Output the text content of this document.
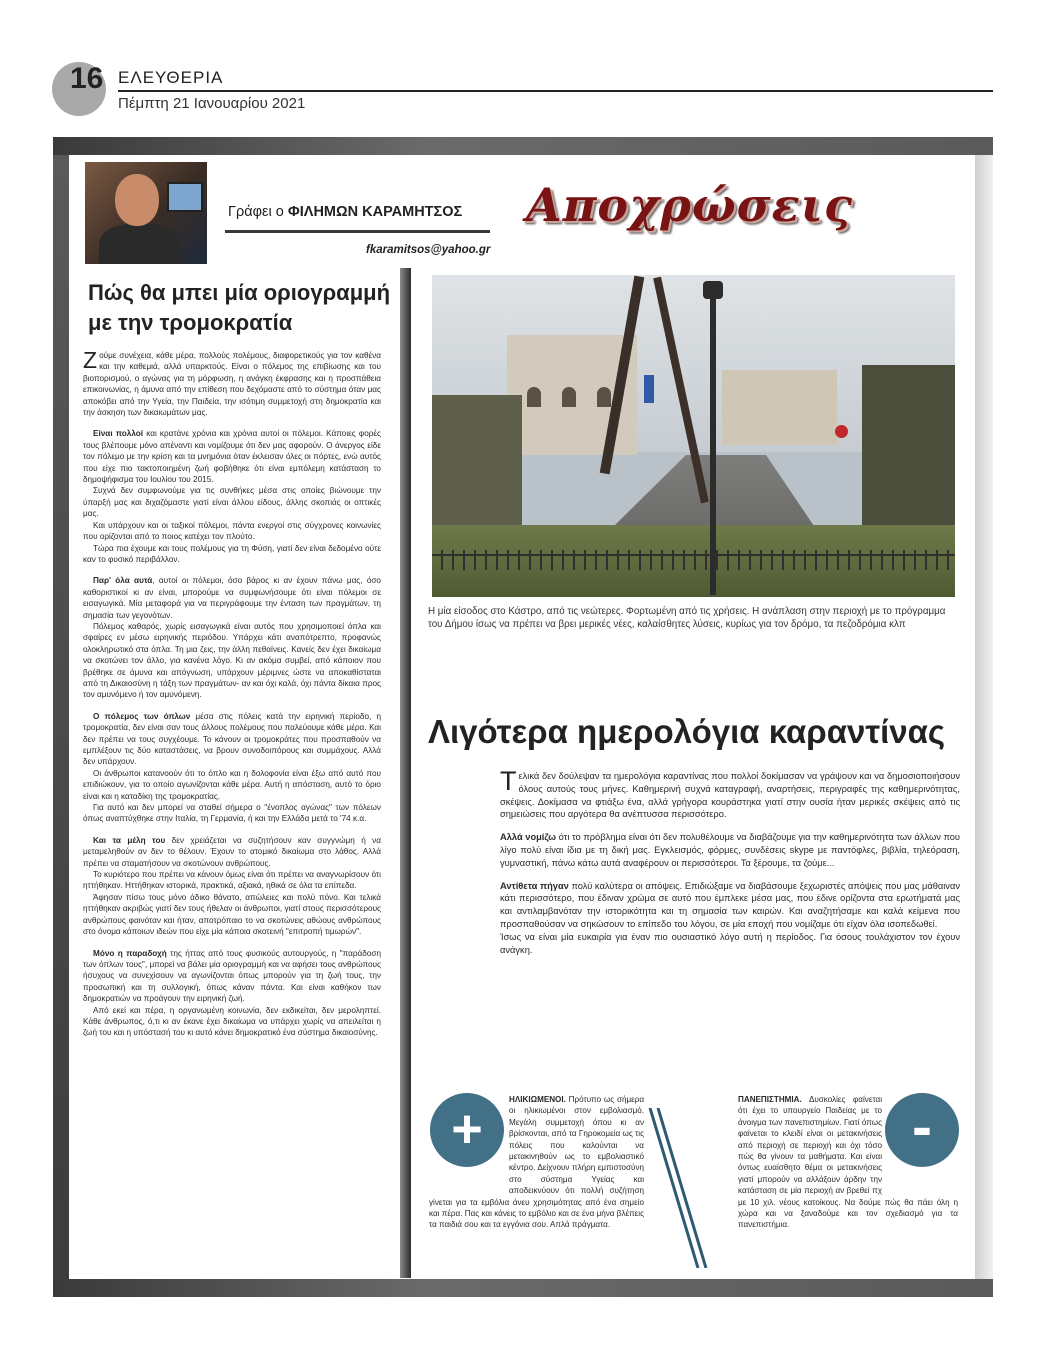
16 ΕΛΕΥΘΕΡΙΑ
Πέμπτη 21 Ιανουαρίου 2021
Γράφει ο ΦΙΛΗΜΩΝ ΚΑΡΑΜΗΤΣΟΣ
fkaramitsos@yahoo.gr
Αποχρώσεις
Πώς θα μπει μία οριογραμμή με την τρομοκρατία

Ζούμε συνέχεια, κάθε μέρα, πολλούς πολέμους, διαφορετικούς για τον καθένα και την καθεμιά, αλλά υπαρκτούς. Είναι ο πόλεμος της επιβίωσης και του βιοπορισμού, ο αγώνας για τη μόρφωση, η ανάγκη έκφρασης και η προσπάθεια επικοινωνίας, η άμυνα από την επίθεση που δεχόμαστε από το σύστημα όταν μας αποκόβει από την Υγεία, την Παιδεία, την ισότιμη συμμετοχή στη δημοκρατία και την άσκηση των δικαιωμάτων μας.

Είναι πολλοί και κρατάνε χρόνια και χρόνια αυτοί οι πόλεμοι. Κάποιες φορές τους βλέπουμε μόνο απέναντι και νομίζουμε ότι δεν μας αφορούν. Ο άνεργος είδε τον πόλεμο με την κρίση και τα μνημόνια όταν έκλεισαν όλες οι πόρτες, ενώ αυτός που είχε πιο τακτοποιημένη ζωή φοβήθηκε ότι είναι εμπόλεμη κατάσταση το δημοψήφισμα του Ιουλίου του 2015.

Συχνά δεν συμφωνούμε για τις συνθήκες μέσα στις οποίες βιώνουμε την ύπαρξή μας και διχαζόμαστε γιατί είναι άλλου είδους, άλλης σκοπιάς οι οπτικές μας.

Και υπάρχουν και οι ταξικοί πόλεμοι, πάντα ενεργοί στις σύγχρονες κοινωνίες που ορίζονται από το ποιος κατέχει τον πλούτο.

Τώρα πια έχουμε και τους πολέμους για τη Φύση, γιατί δεν είναι δεδομένο ούτε καν το φυσικό περιβάλλον.

Παρ' όλα αυτά, αυτοί οι πόλεμοι, όσο βάρος κι αν έχουν πάνω μας, όσο καθοριστικοί κι αν είναι, μπορούμε να συμφωνήσουμε ότι είναι πόλεμοι σε εισαγωγικά. Μία μεταφορά για να περιγράφουμε την ένταση των πραγμάτων, τη σημασία των γεγονότων.

Πόλεμος καθαρός, χωρίς εισαγωγικά είναι αυτός που χρησιμοποιεί όπλα και σφαίρες εν μέσω ειρηνικής περιόδου. Υπάρχει κάτι αναπότρεπτο, προφανώς ολοκληρωτικό στα όπλα. Τη μια ζεις, την άλλη πεθαίνεις. Κανείς δεν έχει δικαίωμα να σκοτώνει τον άλλο, για κανένα λόγο. Κι αν ακόμα συμβεί, από κάποιον που βρέθηκε σε άμυνα και απόγνωση, υπάρχουν μέριμνες ώστε να αποκαθίσταται από τη Δικαιοσύνη η τάξη των πραγμάτων- αν και όχι καλά, όχι πάντα δίκαια προς τον αμυνόμενο ή τον αμυνόμενη.

Ο πόλεμος των όπλων μέσα στις πόλεις κατά την ειρηνική περίοδο, η τρομοκρατία, δεν είναι σαν τους άλλους πολέμους που παλεύουμε κάθε μέρα. Και δεν πρέπει να τους συγχέουμε. Το κάνουν οι τρομοκράτες που προσπαθούν να εμπλέξουν τις δύο καταστάσεις, να βρουν συνοδοιπόρους και συμμάχους. Αλλά δεν υπάρχουν.

Οι άνθρωποι κατανοούν ότι το όπλο και η δολοφονία είναι έξω από αυτό που επιδιώκουν, για το οποίο αγωνίζονται κάθε μέρα. Αυτή η απόσταση, αυτό το όριο είναι και η καταδίκη της τρομοκρατίας.

Για αυτό και δεν μπορεί να σταθεί σήμερα ο "ένοπλος αγώνας" των πόλεων όπως αναπτύχθηκε στην Ιταλία, τη Γερμανία, ή και την Ελλάδα μετά το '74 κ.α.

Και τα μέλη του δεν χρειάζεται να συζητήσουν καν συγγνώμη ή να μεταμεληθούν αν δεν το θέλουν. Έχουν το ατομικό δικαίωμα στο λάθος. Αλλά πρέπει να σταματήσουν να σκοτώνουν ανθρώπους.

Το κυριότερο που πρέπει να κάνουν όμως είναι ότι πρέπει να αναγνωρίσουν ότι ηττήθηκαν. Ηττήθηκαν ιστορικά, πρακτικά, αξιακά, ηθικά σε όλα τα επίπεδα.

Άφησαν πίσω τους μόνο άδικο θάνατο, απώλειες και πολύ πόνο. Και τελικά ηττήθηκαν ακριβώς γιατί δεν τους ήθελαν οι άνθρωποι, γιατί στους περισσότερους ανθρώπους φαινόταν και ήταν, αποτρόπαιο το να σκοτώνεις αθώους ανθρώπους στο όνομα κάποιων ιδεών που είχε μία κάποια σκοτεινή "επιτροπή τιμωρών".

Μόνο η παραδοχή της ήττας από τους φυσικούς αυτουργούς, η "παράδοση των όπλων τους", μπορεί να βάλει μία οριογραμμή και να αφήσει τους ανθρώπους ήσυχους να συνεχίσουν να αγωνίζονται όπως μπορούν για τη ζωή τους, την προσωπική και τη συλλογική, όπως κάναν πάντα. Και είναι καθήκον των δημοκρατιών να προάγουν την ειρηνική ζωή.

Από εκεί και πέρα, η οργανωμένη κοινωνία, δεν εκδικείται, δεν μεροληπτεί. Κάθε άνθρωπος, ό,τι κι αν έκανε έχει δικαίωμα να υπάρχει χωρίς να απειλείται η ζωή του και η υπόστασή του κι αυτό κάνει δημοκρατικό ένα σύστημα δικαιοσύνης.

Η μία είσοδος στο Κάστρο, από τις νεώτερες. Φορτωμένη από τις χρήσεις. Η ανάπλαση στην περιοχή με το πρόγραμμα του Δήμου ίσως να πρέπει να βρει μερικές νέες, καλαίσθητες λύσεις, κυρίως για τον δρόμο, τα πεζοδρόμια κλπ
Λιγότερα ημερολόγια καραντίνας

Τελικά δεν δούλεψαν τα ημερολόγια καραντίνας που πολλοί δοκίμασαν να γράψουν και να δημοσιοποιήσουν όλους αυτούς τους μήνες. Καθημερινή συχνά καταγραφή, αναρτήσεις, περιγραφές της καθημερινότητας, σκέψεις. Δοκίμασα να φτιάξω ένα, αλλά γρήγορα κουράστηκα γιατί στην ουσία ήταν μερικές σκέψεις από τις σημειώσεις που αργότερα θα ανέπτυσσα περισσότερο.

Αλλά νομίζω ότι το πρόβλημα είναι ότι δεν πολυθέλουμε να διαβάζουμε για την καθημερινότητα των άλλων που λίγο πολύ είναι ίδια με τη δική μας. Εγκλεισμός, φόρμες, συνδέσεις skype με παντόφλες, βιβλία, τηλεόραση, γυμναστική, πάνω κάτω αυτά αναφέρουν οι περισσότεροι. Τα ξέρουμε, τα ζούμε...

Αντίθετα πήγαν πολύ καλύτερα οι απόψεις. Επιδιώξαμε να διαβάσουμε ξεχωριστές απόψεις που μας μάθαιναν κάτι περισσότερο, που έδιναν χρώμα σε αυτό που έμπλεκε μέσα μας, που έδινε ορίζοντα στα ερωτήματά μας και αντιλαμβανόταν την ιστορικότητα και τη σημασία των καιρών. Και αναζητήσαμε και καλά κείμενα που προσπαθούσαν να σηκώσουν το επίπεδο του λόγου, σε μία εποχή που νομίζαμε ότι είχαν όλα ισοπεδωθεί.

Ίσως να είναι μία ευκαιρία για έναν πιο ουσιαστικό λόγο αυτή η περίοδος. Για όσους τουλάχιστον τον έχουν ανάγκη.

ΗΛΙΚΙΩΜΕΝΟΙ. Πρότυπο ως σήμερα οι ηλικιωμένοι στον εμβολιασμό. Μεγάλη συμμετοχή όπου κι αν βρίσκονται, από τα Γηροκομεία ως τις πόλεις που καλούνται να μετακινηθούν ως το εμβολιαστικό κέντρο. Δείχνουν πλήρη εμπιστοσύνη στο σύστημα Υγείας και αποδεικνύουν ότι πολλή συζήτηση γίνεται για τα εμβόλια άνευ χρησιμότητας από ένα σημείο και πέρα. Πας και κάνεις το εμβόλιο και σε ένα μήνα βλέπεις τα παιδιά σου και τα εγγόνια σου. Απλά πράγματα.
+	ΠΑΝΕΠΙΣΤΗΜΙΑ. Δυσκολίες φαίνεται ότι έχει το υπουργείο Παιδείας με το άνοιγμα των πανεπιστημίων. Γιατί όπως φαίνεται το κλειδί είναι οι μετακινήσεις από περιοχή σε περιοχή και όχι τόσο πώς θα γίνουν τα μαθήματα. Και είναι όντως ευαίσθητο θέμα οι μετακινήσεις γιατί μπορούν να αλλάξουν άρδην την κατάσταση σε μία περιοχή αν βρεθεί πχ με 10 χιλ. νέους κατοίκους. Να δούμε πώς θα πάει όλη η χώρα και να ξαναδούμε και τον σχεδιασμό για τα πανεπιστήμια.
-
